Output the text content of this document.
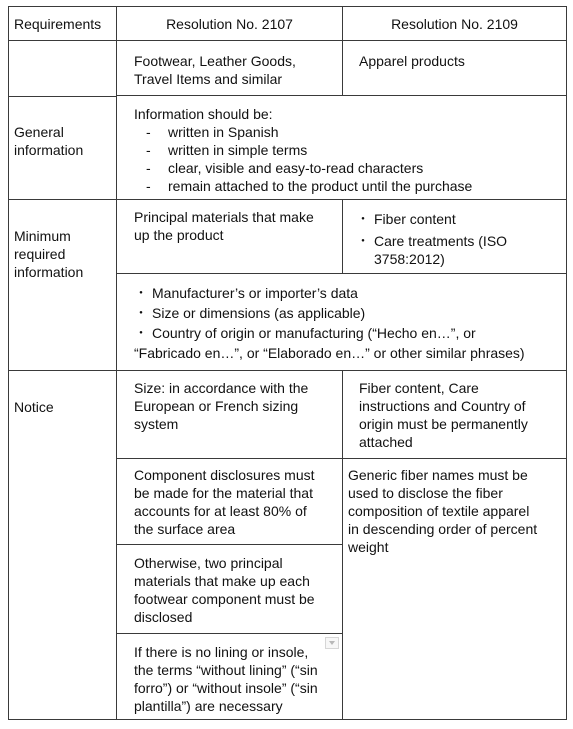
Requirements	Resolution No. 2107	Resolution No. 2109
Footwear, Leather Goods,
Travel Items and similar
Apparel products
General
information
Information should be:
- written in Spanish
- written in simple terms
- clear, visible and easy-to-read characters
- remain attached to the product until the purchase
Minimum
required
information
Principal materials that make
up the product
・ Fiber content
・ Care treatments (ISO
3758:2012)
・ Manufacturer’s or importer’s data
・ Size or dimensions (as applicable)
・ Country of origin or manufacturing (“Hecho en…”, or
“Fabricado en…”, or “Elaborado en…” or other similar phrases)
Notice
Size: in accordance with the
European or French sizing
system
Fiber content, Care
instructions and Country of
origin must be permanently
attached
Component disclosures must
be made for the material that
accounts for at least 80% of
the surface area
Generic fiber names must be
used to disclose the fiber
composition of textile apparel
in descending order of percent
weight
Otherwise, two principal
materials that make up each
footwear component must be
disclosed
If there is no lining or insole,
the terms “without lining” (“sin
forro”) or “without insole” (“sin
plantilla”) are necessary
